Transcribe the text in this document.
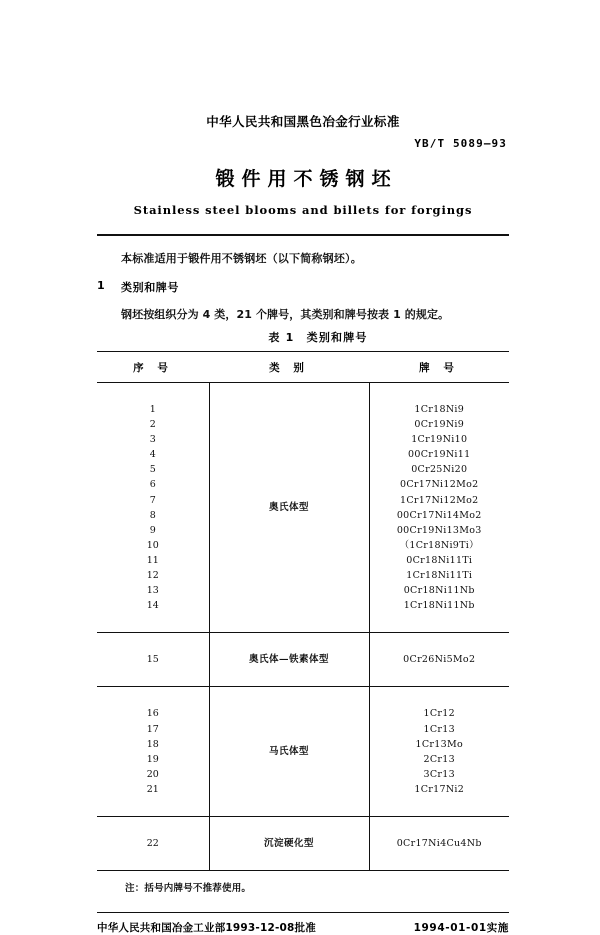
中华人民共和国黑色冶金行业标准
YB/T 5089—93
锻件用不锈钢坯
Stainless steel blooms and billets for forgings
本标准适用于锻件用不锈钢坯（以下简称钢坯）。
1	类别和牌号
钢坯按组织分为 4 类，21 个牌号，其类别和牌号按表 1 的规定。
表 1　类别和牌号
序 号	类 别	牌 号
	奥氏体型	
1		1Cr18Ni9
2		0Cr19Ni9
3		1Cr19Ni10
4		00Cr19Ni11
5		0Cr25Ni20
6		0Cr17Ni12Mo2
7		1Cr17Ni12Mo2
8		00Cr17Ni14Mo2
9		00Cr19Ni13Mo3
10		（1Cr18Ni9Ti）
11		0Cr18Ni11Ti
12		1Cr18Ni11Ti
13		0Cr18Ni11Nb
14		1Cr18Ni11Nb

	奥氏体—铁素体型	
15		0Cr26Ni5Mo2

	马氏体型	
16		1Cr12
17		1Cr13
18		1Cr13Mo
19		2Cr13
20		3Cr13
21		1Cr17Ni2

	沉淀硬化型	
22		0Cr17Ni4Cu4Nb

注：括号内牌号不推荐使用。
中华人民共和国冶金工业部1993-12-08批准	1994-01-01实施
